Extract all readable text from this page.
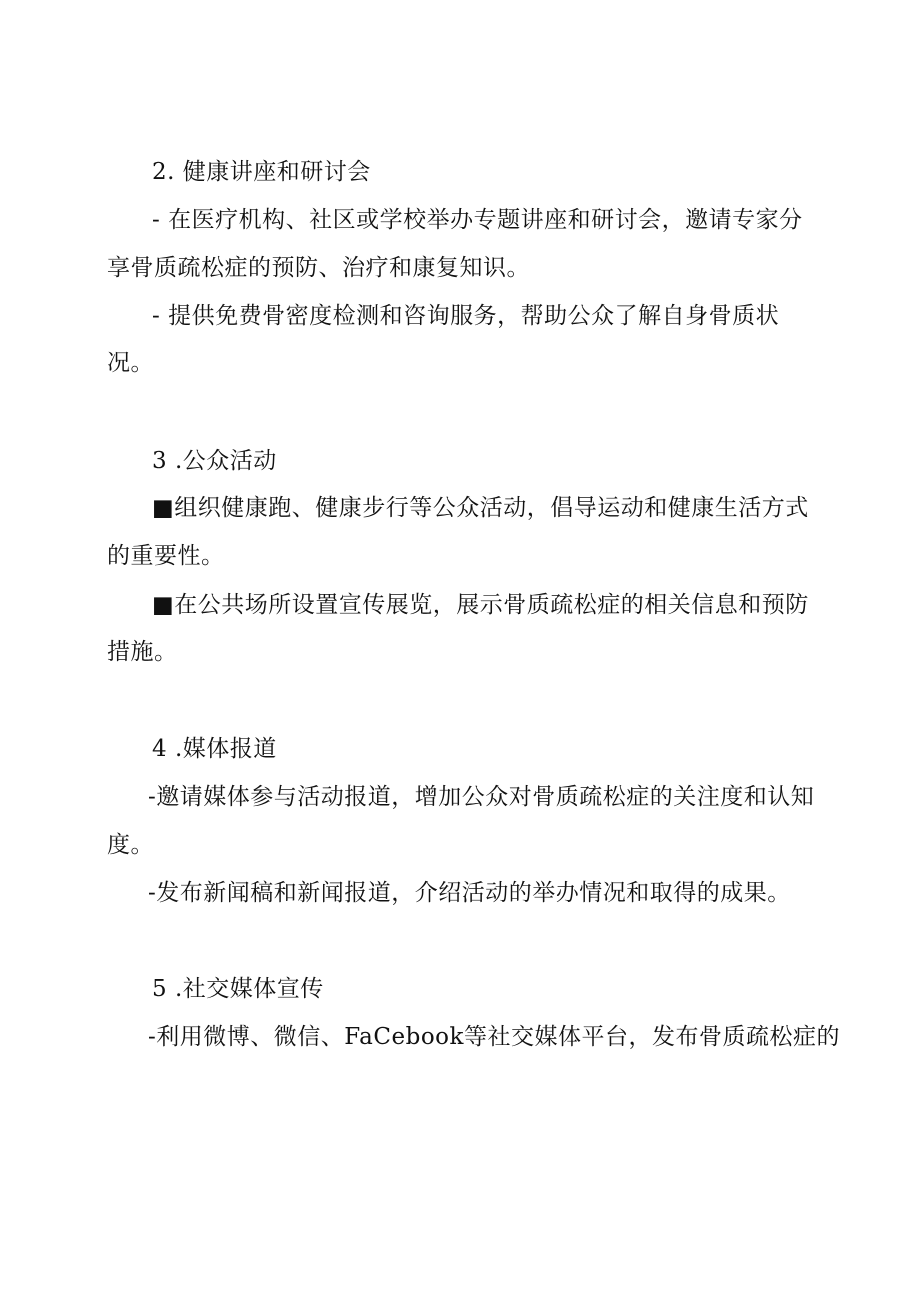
2. 健康讲座和研讨会
- 在医疗机构、社区或学校举办专题讲座和研讨会，邀请专家分
享骨质疏松症的预防、治疗和康复知识。
- 提供免费骨密度检测和咨询服务，帮助公众了解自身骨质状
况。
3 .公众活动
■组织健康跑、健康步行等公众活动，倡导运动和健康生活方式
的重要性。
■在公共场所设置宣传展览，展示骨质疏松症的相关信息和预防
措施。
4 .媒体报道
-邀请媒体参与活动报道，增加公众对骨质疏松症的关注度和认知
度。
-发布新闻稿和新闻报道，介绍活动的举办情况和取得的成果。
5 .社交媒体宣传
-利用微博、微信、FaCebook等社交媒体平台，发布骨质疏松症的
